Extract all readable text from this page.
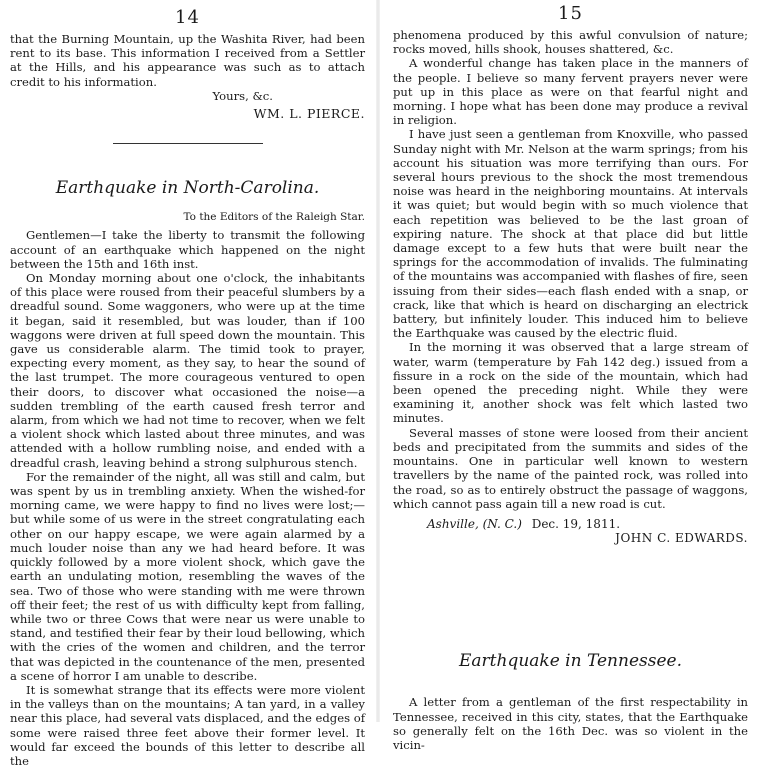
14

that the Burning Mountain, up the Washita River, had been rent to its base. This information I received from a Settler at the Hills, and his appearance was such as to attach credit to his information.

Yours, &c.

WM. L. PIERCE.

Earthquake in North-Carolina.

To the Editors of the Raleigh Star.

Gentlemen—I take the liberty to transmit the following account of an earthquake which happened on the night between the 15th and 16th inst.

On Monday morning about one o'clock, the inhabitants of this place were roused from their peaceful slumbers by a dreadful sound. Some waggoners, who were up at the time it began, said it resembled, but was louder, than if 100 waggons were driven at full speed down the mountain. This gave us considerable alarm. The timid took to prayer, expecting every moment, as they say, to hear the sound of the last trumpet. The more courageous ventured to open their doors, to discover what occasioned the noise—a sudden trembling of the earth caused fresh terror and alarm, from which we had not time to recover, when we felt a violent shock which lasted about three minutes, and was attended with a hollow rumbling noise, and ended with a dreadful crash, leaving behind a strong sulphurous stench.

For the remainder of the night, all was still and calm, but was spent by us in trembling anxiety. When the wished-for morning came, we were happy to find no lives were lost;—but while some of us were in the street congratulating each other on our happy escape, we were again alarmed by a much louder noise than any we had heard before. It was quickly followed by a more violent shock, which gave the earth an undulating motion, resembling the waves of the sea. Two of those who were standing with me were thrown off their feet; the rest of us with difficulty kept from falling, while two or three Cows that were near us were unable to stand, and testified their fear by their loud bellowing, which with the cries of the women and children, and the terror that was depicted in the countenance of the men, presented a scene of horror I am unable to describe.

It is somewhat strange that its effects were more violent in the valleys than on the mountains; A tan yard, in a valley near this place, had several vats displaced, and the edges of some were raised three feet above their former level. It would far exceed the bounds of this letter to describe all the

15

phenomena produced by this awful convulsion of nature; rocks moved, hills shook, houses shattered, &c.

A wonderful change has taken place in the manners of the people. I believe so many fervent prayers never were put up in this place as were on that fearful night and morning. I hope what has been done may produce a revival in religion.

I have just seen a gentleman from Knoxville, who passed Sunday night with Mr. Nelson at the warm springs; from his account his situation was more terrifying than ours. For several hours previous to the shock the most tremendous noise was heard in the neighboring mountains. At intervals it was quiet; but would begin with so much violence that each repetition was believed to be the last groan of expiring nature. The shock at that place did but little damage except to a few huts that were built near the springs for the accommodation of invalids. The fulminating of the mountains was accompanied with flashes of fire, seen issuing from their sides—each flash ended with a snap, or crack, like that which is heard on discharging an electrick battery, but infinitely louder. This induced him to believe the Earthquake was caused by the electric fluid.

In the morning it was observed that a large stream of water, warm (temperature by Fah 142 deg.) issued from a fissure in a rock on the side of the mountain, which had been opened the preceding night. While they were examining it, another shock was felt which lasted two minutes.

Several masses of stone were loosed from their ancient beds and precipitated from the summits and sides of the mountains. One in particular well known to western travellers by the name of the painted rock, was rolled into the road, so as to entirely obstruct the passage of waggons, which cannot pass again till a new road is cut.

Ashville, (N. C.) Dec. 19, 1811.
JOHN C. EDWARDS.
Earthquake in Tennessee.

A letter from a gentleman of the first respectability in Tennessee, received in this city, states, that the Earthquake so generally felt on the 16th Dec. was so violent in the vicin-
